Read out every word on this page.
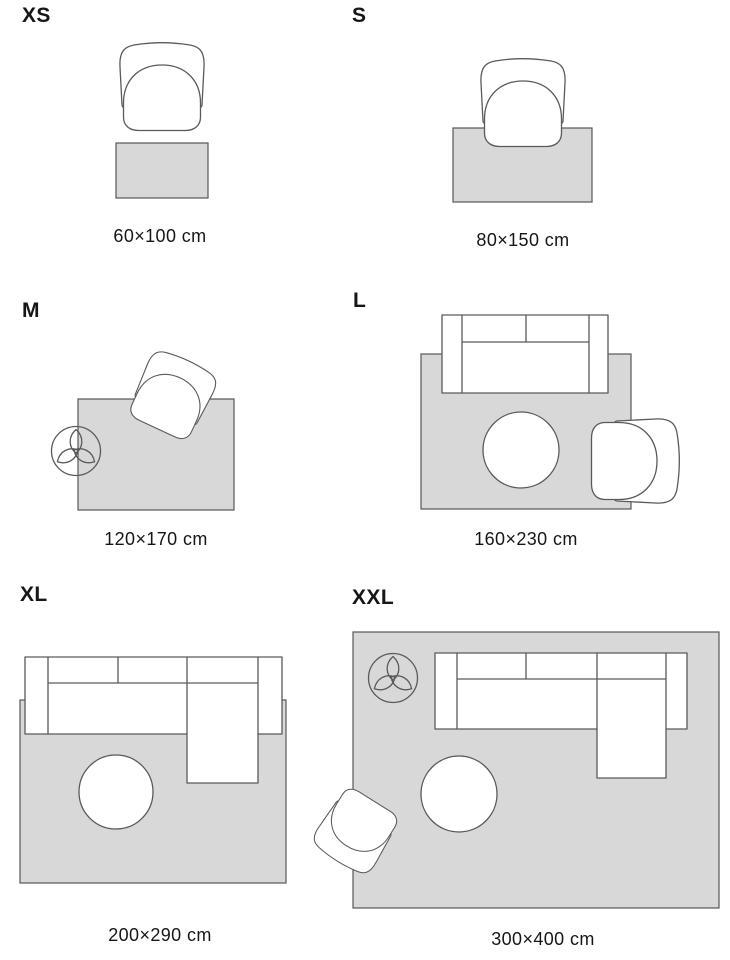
XS	S
M	L
XL	XXL
60×100 cm	80×150 cm
120×170 cm	160×230 cm
200×290 cm	300×400 cm
